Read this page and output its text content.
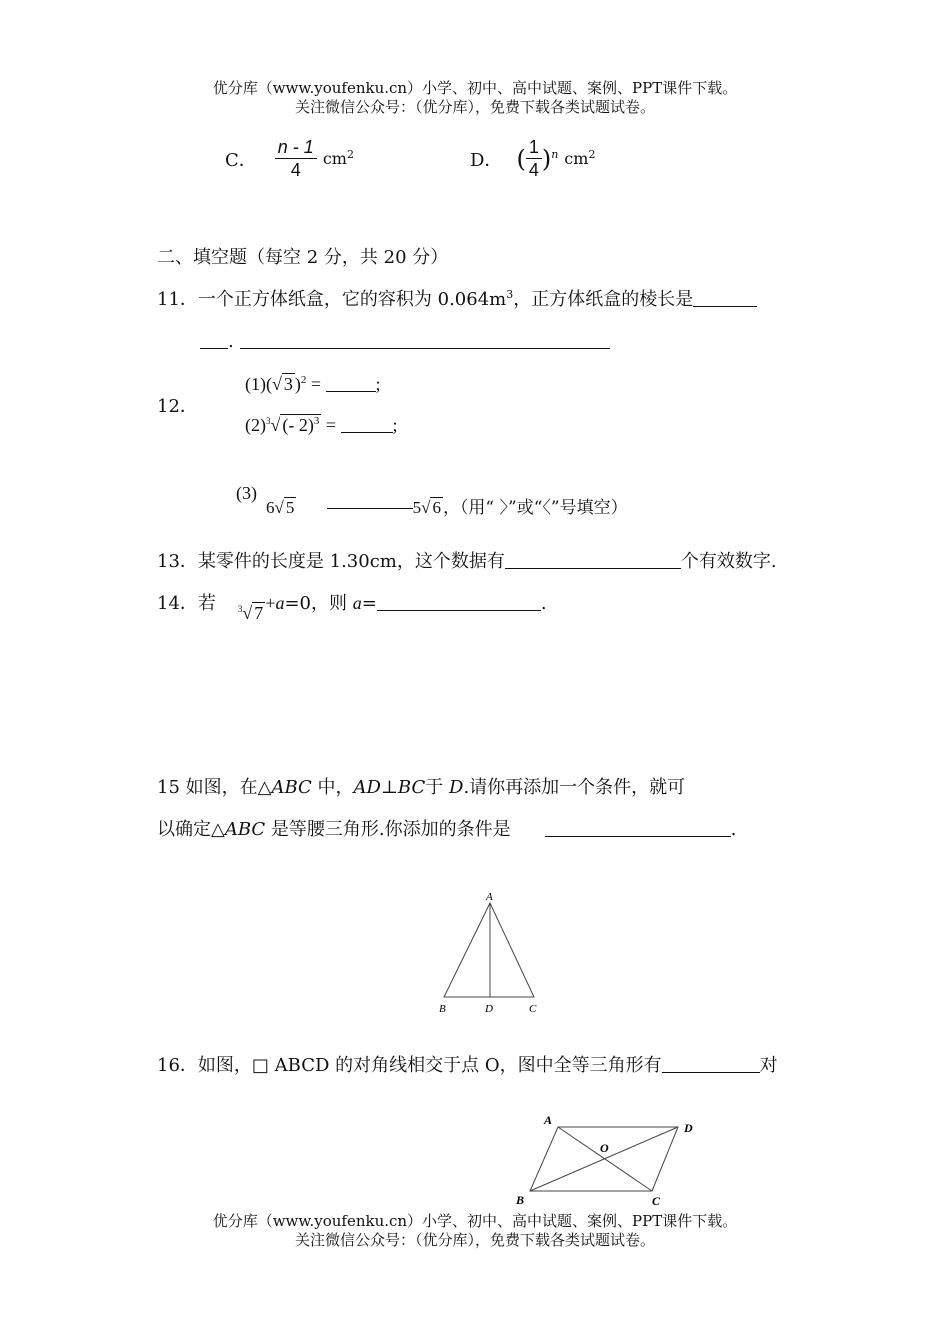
优分库（www.youfenku.cn）小学、初中、高中试题、案例、PPT课件下载。
关注微信公众号：（优分库），免费下载各类试题试卷。
C． $\frac{n - 1}{4} cm^2$	D． ( $\frac{1}{4} )^n$ $cm^2$
二、填空题（每空 2 分，共 20 分）
11．一个正方体纸盒，它的容积为 $0.064m^3$，正方体纸盒的棱长是
.
12．
(1)(√ 3 )$^2$ =	;
$(2)^3√$ (- 2)$^3$ =	;
(3)
6√ 5	5√ 6 ，（用“ 〉”或“〈”号填空）
13．某零件的长度是 1.30cm，这个数据有	个有效数字.
14．若 $^3$√ 7 +a=0，则 a=	.
15 如图，在△ABC 中，AD⊥BC于 D.请你再添加一个条件，就可
以确定△ABC 是等腰三角形.你添加的条件是	.
A
B	D	C
16．如图，□ ABCD 的对角线相交于点 O，图中全等三角形有	对
A
D
O
B	C
优分库（www.youfenku.cn）小学、初中、高中试题、案例、PPT课件下载。
关注微信公众号：（优分库），免费下载各类试题试卷。
